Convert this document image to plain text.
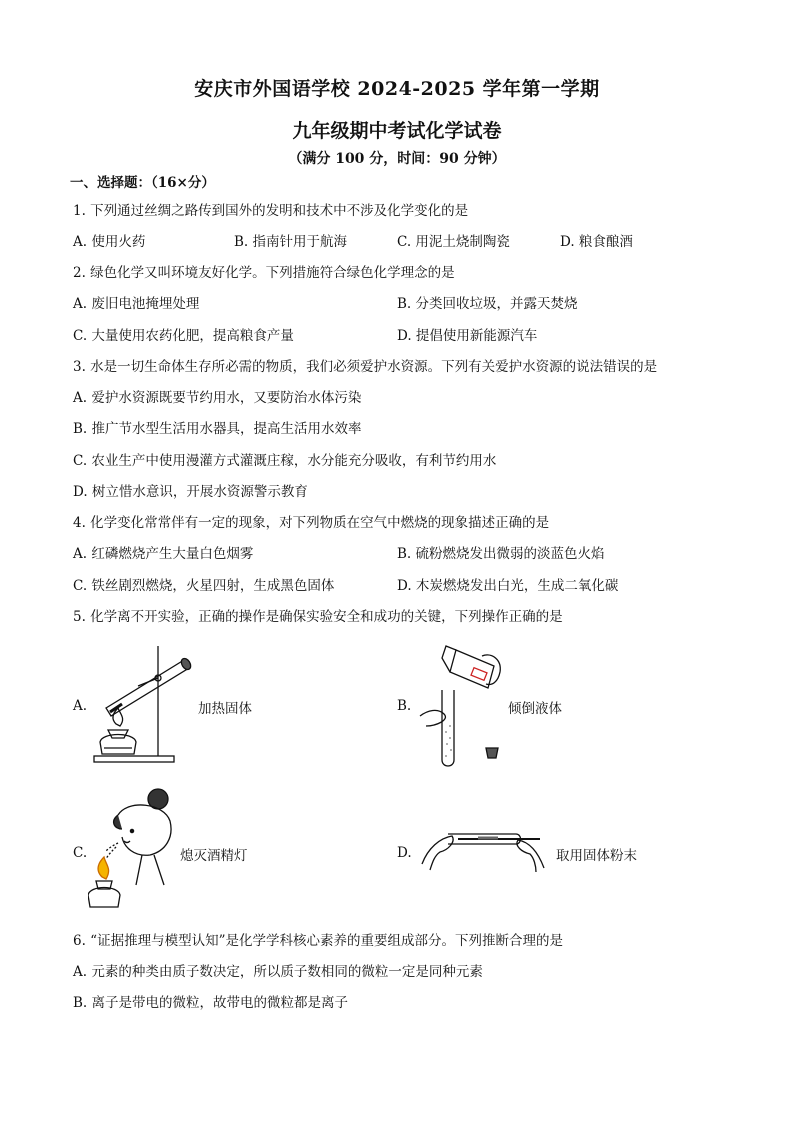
安庆市外国语学校 2024-2025 学年第一学期
九年级期中考试化学试卷
（满分 100 分，时间：90 分钟）
一、选择题：（16×分）
1. 下列通过丝绸之路传到国外的发明和技术中不涉及化学变化的是
A. 使用火药	B. 指南针用于航海	C. 用泥土烧制陶瓷	D. 粮食酿酒
2. 绿色化学又叫环境友好化学。下列措施符合绿色化学理念的是
A. 废旧电池掩埋处理	B. 分类回收垃圾，并露天焚烧
C. 大量使用农药化肥，提高粮食产量	D. 提倡使用新能源汽车
3. 水是一切生命体生存所必需的物质，我们必须爱护水资源。下列有关爱护水资源的说法错误的是
A. 爱护水资源既要节约用水，又要防治水体污染
B. 推广节水型生活用水器具，提高生活用水效率
C. 农业生产中使用漫灌方式灌溉庄稼，水分能充分吸收，有利节约用水
D. 树立惜水意识，开展水资源警示教育
4. 化学变化常常伴有一定的现象，对下列物质在空气中燃烧的现象描述正确的是
A. 红磷燃烧产生大量白色烟雾	B. 硫粉燃烧发出微弱的淡蓝色火焰
C. 铁丝剧烈燃烧，火星四射，生成黑色固体	D. 木炭燃烧发出白光，生成二氧化碳
5. 化学离不开实验，正确的操作是确保实验安全和成功的关键，下列操作正确的是
A.	加热固体	B.	倾倒液体
C.	熄灭酒精灯	D.	取用固体粉末
6. “证据推理与模型认知”是化学学科核心素养的重要组成部分。下列推断合理的是
A. 元素的种类由质子数决定，所以质子数相同的微粒一定是同种元素
B. 离子是带电的微粒，故带电的微粒都是离子
